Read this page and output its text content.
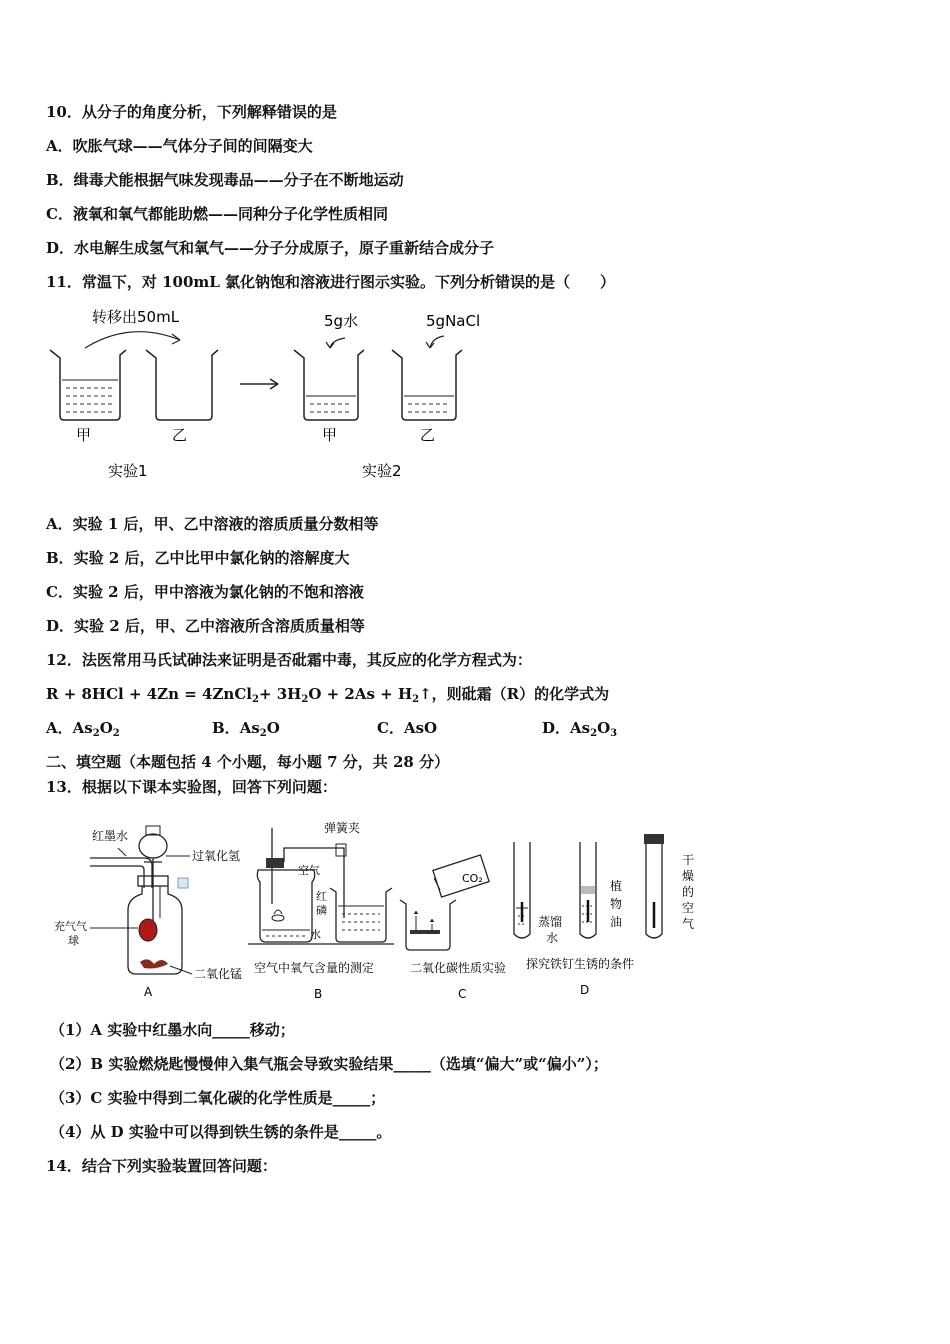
10．从分子的角度分析，下列解释错误的是
A．吹胀气球——气体分子间的间隔变大
B．缉毒犬能根据气味发现毒品——分子在不断地运动
C．液氧和氧气都能助燃——同种分子化学性质相同
D．水电解生成氢气和氧气——分子分成原子，原子重新结合成分子
11．常温下，对 100mL 氯化钠饱和溶液进行图示实验。下列分析错误的是（　　）
转移出50mL
甲	乙
实验1
5g水
甲
实验2
5gNaCl
乙
A．实验 1 后，甲、乙中溶液的溶质质量分数相等
B．实验 2 后，乙中比甲中氯化钠的溶解度大
C．实验 2 后，甲中溶液为氯化钠的不饱和溶液
D．实验 2 后，甲、乙中溶液所含溶质质量相等
12．法医常用马氏试砷法来证明是否砒霜中毒，其反应的化学方程式为：
R + 8HCl + 4Zn = 4ZnCl$_2$+ $3H_2O + 2As$ + $H_2↑$，则砒霜（R）的化学式为
A．$As_2O_2$	B．$As_2O$	C．AsO	D．$As_2O_3$
二、填空题（本题包括 4 个小题，每小题 7 分，共 28 分）
13．根据以下课本实验图，回答下列问题：
红墨水
过氧化氢
充气气
球
二氧化锰
A
弹簧夹
空气
红
磷
水
空气中氧气含量的测定
B
CO₂
二氧化碳性质实验
C
蒸馏
水
植
物
油
干
燥
的
空
气
探究铁钉生锈的条件
D
（1）A 实验中红墨水向_____移动；
（2）B 实验燃烧匙慢慢伸入集气瓶会导致实验结果_____（选填“偏大”或“偏小”）；
（3）C 实验中得到二氧化碳的化学性质是_____；
（4）从 D 实验中可以得到铁生锈的条件是_____。
14．结合下列实验装置回答问题：
